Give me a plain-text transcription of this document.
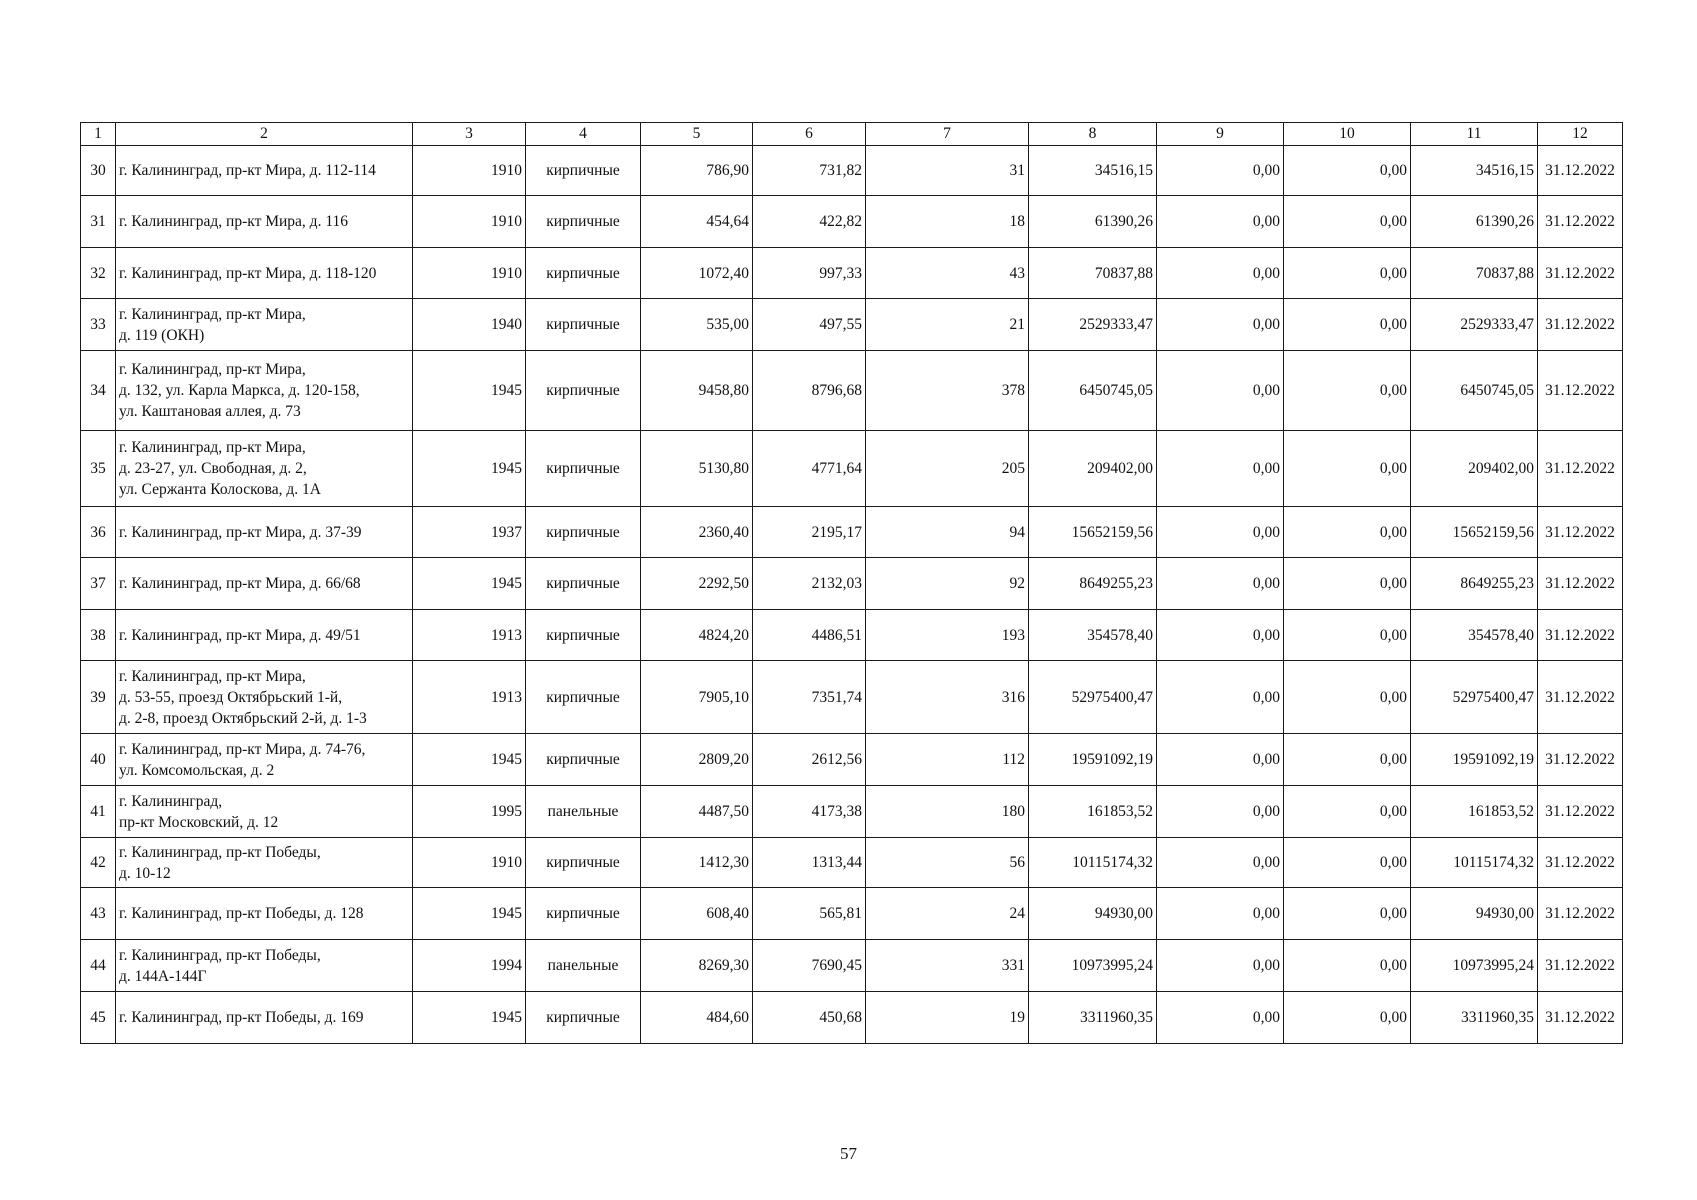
1	2	3	4	5	6	7	8	9	10	11	12
30	г. Калининград, пр-кт Мира, д. 112-114	1910	кирпичные	786,90	731,82	31	34516,15	0,00	0,00	34516,15	31.12.2022
31	г. Калининград, пр-кт Мира, д. 116	1910	кирпичные	454,64	422,82	18	61390,26	0,00	0,00	61390,26	31.12.2022
32	г. Калининград, пр-кт Мира, д. 118-120	1910	кирпичные	1072,40	997,33	43	70837,88	0,00	0,00	70837,88	31.12.2022
33	г. Калининград, пр-кт Мира,
д. 119 (ОКН)	1940	кирпичные	535,00	497,55	21	2529333,47	0,00	0,00	2529333,47	31.12.2022
34	г. Калининград, пр-кт Мира,
д. 132, ул. Карла Маркса, д. 120-158,
ул. Каштановая аллея, д. 73	1945	кирпичные	9458,80	8796,68	378	6450745,05	0,00	0,00	6450745,05	31.12.2022
35	г. Калининград, пр-кт Мира,
д. 23-27, ул. Свободная, д. 2,
ул. Сержанта Колоскова, д. 1А	1945	кирпичные	5130,80	4771,64	205	209402,00	0,00	0,00	209402,00	31.12.2022
36	г. Калининград, пр-кт Мира, д. 37-39	1937	кирпичные	2360,40	2195,17	94	15652159,56	0,00	0,00	15652159,56	31.12.2022
37	г. Калининград, пр-кт Мира, д. 66/68	1945	кирпичные	2292,50	2132,03	92	8649255,23	0,00	0,00	8649255,23	31.12.2022
38	г. Калининград, пр-кт Мира, д. 49/51	1913	кирпичные	4824,20	4486,51	193	354578,40	0,00	0,00	354578,40	31.12.2022
39	г. Калининград, пр-кт Мира,
д. 53-55, проезд Октябрьский 1-й,
д. 2-8, проезд Октябрьский 2-й, д. 1-3	1913	кирпичные	7905,10	7351,74	316	52975400,47	0,00	0,00	52975400,47	31.12.2022
40	г. Калининград, пр-кт Мира, д. 74-76,
ул. Комсомольская, д. 2	1945	кирпичные	2809,20	2612,56	112	19591092,19	0,00	0,00	19591092,19	31.12.2022
41	г. Калининград,
пр-кт Московский, д. 12	1995	панельные	4487,50	4173,38	180	161853,52	0,00	0,00	161853,52	31.12.2022
42	г. Калининград, пр-кт Победы,
д. 10-12	1910	кирпичные	1412,30	1313,44	56	10115174,32	0,00	0,00	10115174,32	31.12.2022
43	г. Калининград, пр-кт Победы, д. 128	1945	кирпичные	608,40	565,81	24	94930,00	0,00	0,00	94930,00	31.12.2022
44	г. Калининград, пр-кт Победы,
д. 144А-144Г	1994	панельные	8269,30	7690,45	331	10973995,24	0,00	0,00	10973995,24	31.12.2022
45	г. Калининград, пр-кт Победы, д. 169	1945	кирпичные	484,60	450,68	19	3311960,35	0,00	0,00	3311960,35	31.12.2022
57
